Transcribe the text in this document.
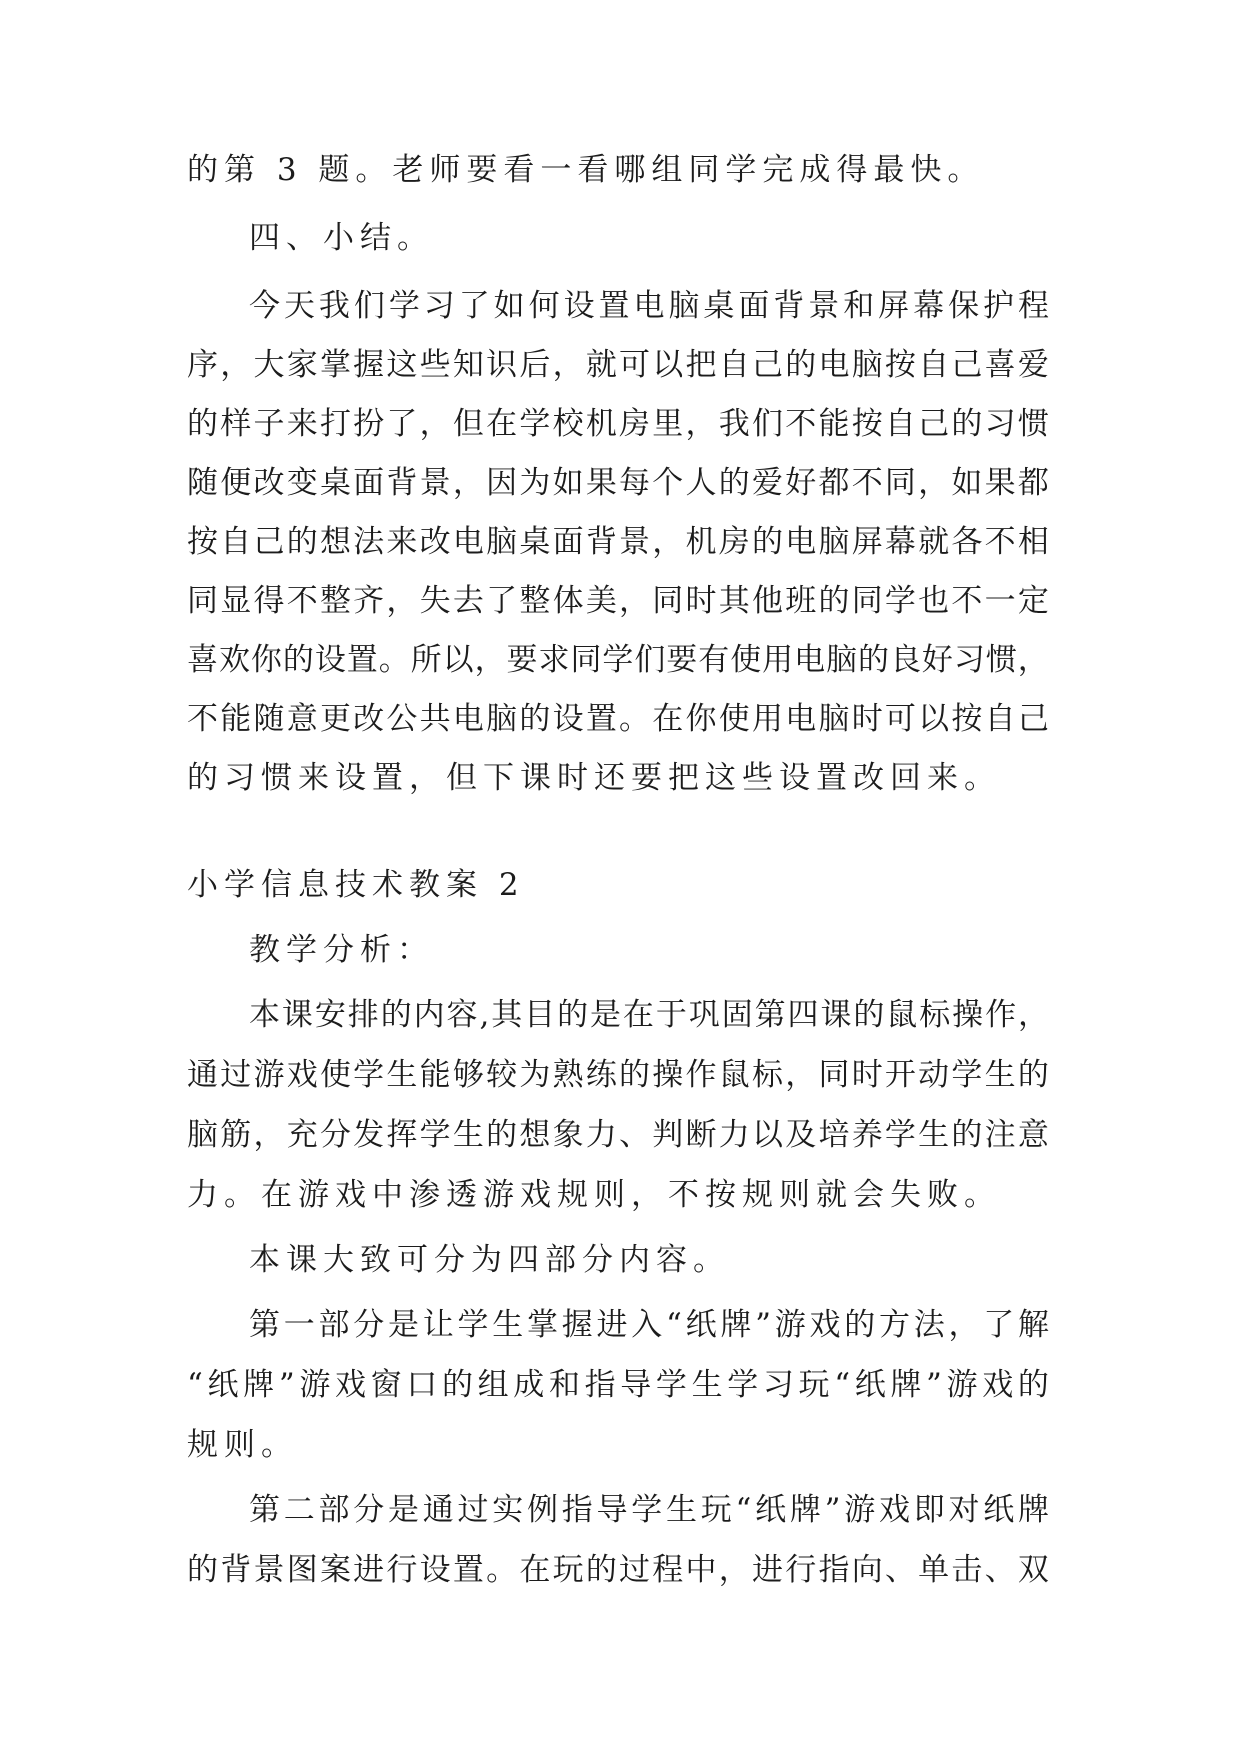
的第 3 题。老师要看一看哪组同学完成得最快。
四、小结。
今 天 我 们 学 习 了 如 何 设 置 电 脑 桌 面 背 景 和 屏 幕 保 护 程
序 ， 大 家 掌 握 这 些 知 识 后 ， 就 可 以 把 自 己 的 电 脑 按 自 己 喜 爱
的 样 子 来 打 扮 了 ， 但 在 学 校 机 房 里 ， 我 们 不 能 按 自 己 的 习 惯
随 便 改 变 桌 面 背 景 ， 因 为 如 果 每 个 人 的 爱 好 都 不 同 ， 如 果 都
按 自 己 的 想 法 来 改 电 脑 桌 面 背 景 ， 机 房 的 电 脑 屏 幕 就 各 不 相
同 显 得 不 整 齐 ， 失 去 了 整 体 美 ， 同 时 其 他 班 的 同 学 也 不 一 定
喜 欢 你 的 设 置 。 所 以 ， 要 求 同 学 们 要 有 使 用 电 脑 的 良 好 习 惯 ，
不 能 随 意 更 改 公 共 电 脑 的 设 置 。 在 你 使 用 电 脑 时 可 以 按 自 己
的习惯来设置，但下课时还要把这些设置改回来。
小学信息技术教案 2
教学分析：
本 课 安 排 的 内 容 , 其 目 的 是 在 于 巩 固 第 四 课 的 鼠 标 操 作 ，
通 过 游 戏 使 学 生 能 够 较 为 熟 练 的 操 作 鼠 标 ， 同 时 开 动 学 生 的
脑 筋 ， 充 分 发 挥 学 生 的 想 象 力 、 判 断 力 以 及 培 养 学 生 的 注 意
力。在游戏中渗透游戏规则，不按规则就会失败。
本课大致可分为四部分内容。
第 一 部 分 是 让 学 生 掌 握 进 入 “ 纸 牌 ” 游 戏 的 方 法 ， 了 解
“ 纸 牌 ” 游 戏 窗 口 的 组 成 和 指 导 学 生 学 习 玩 “ 纸 牌 ” 游 戏 的
规则。
第 二 部 分 是 通 过 实 例 指 导 学 生 玩 “ 纸 牌 ” 游 戏 即 对 纸 牌
的 背 景 图 案 进 行 设 置 。 在 玩 的 过 程 中 ， 进 行 指 向 、 单 击 、 双
